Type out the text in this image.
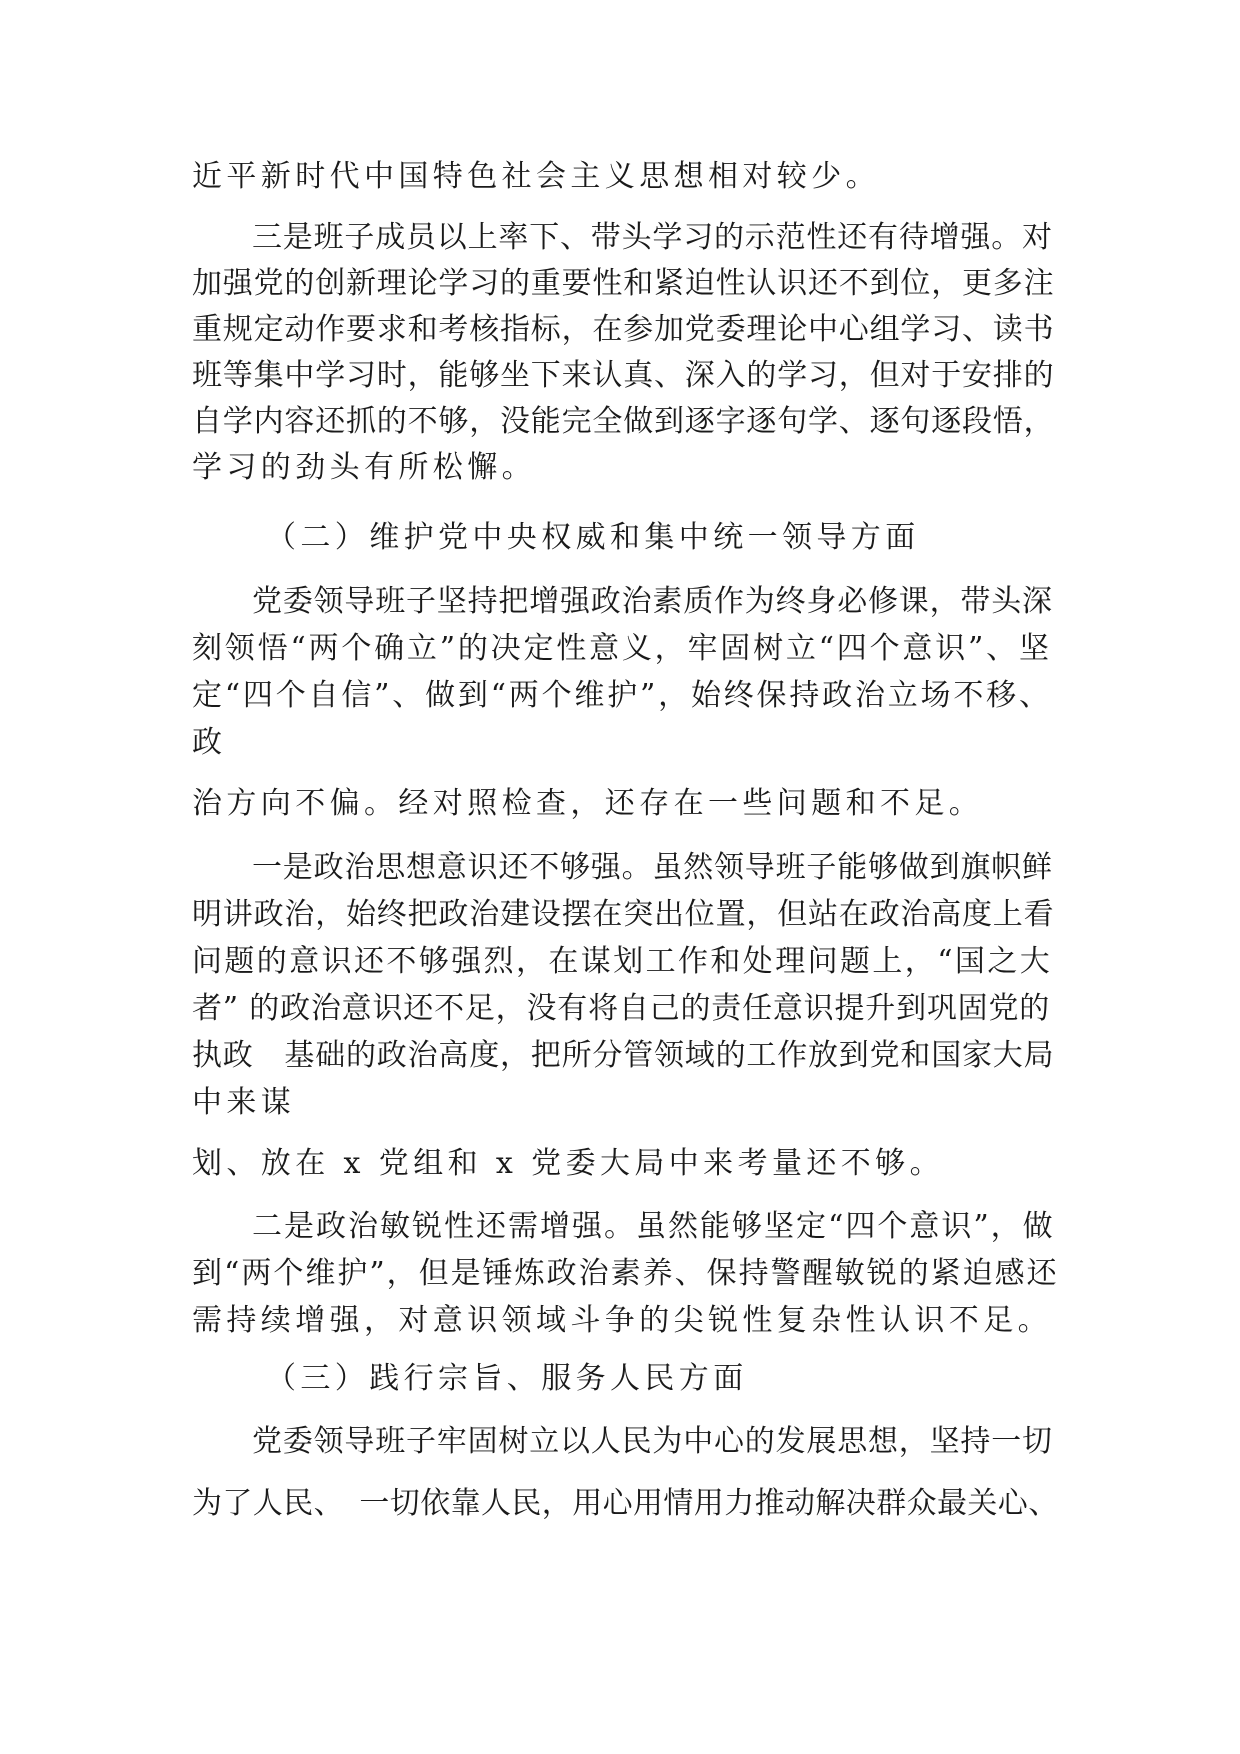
近平新时代中国特色社会主义思想相对较少。
三是班子成员以上率下、带头学习的示范性还有待增强。对
加强党的创新理论学习的重要性和紧迫性认识还不到位，更多注
重规定动作要求和考核指标，在参加党委理论中心组学习、读书
班等集中学习时，能够坐下来认真、深入的学习，但对于安排的
自学内容还抓的不够，没能完全做到逐字逐句学、逐句逐段悟，
学习的劲头有所松懈。
（二）维护党中央权威和集中统一领导方面
党委领导班子坚持把增强政治素质作为终身必修课，带头深
刻领悟“两个确立”的决定性意义，牢固树立“四个意识”、坚
定“四个自信”、做到“两个维护”，始终保持政治立场不移、
政
治方向不偏。经对照检查，还存在一些问题和不足。
一是政治思想意识还不够强。虽然领导班子能够做到旗帜鲜
明讲政治，始终把政治建设摆在突出位置，但站在政治高度上看
问题的意识还不够强烈，在谋划工作和处理问题上，“国之大
者” 的政治意识还不足，没有将自己的责任意识提升到巩固党的
执政　基础的政治高度，把所分管领域的工作放到党和国家大局
中来谋
划、放在 x 党组和 x 党委大局中来考量还不够。
二是政治敏锐性还需增强。虽然能够坚定“四个意识”，做
到“两个维护”，但是锤炼政治素养、保持警醒敏锐的紧迫感还
需持续增强，对意识领域斗争的尖锐性复杂性认识不足。
（三）践行宗旨、服务人民方面
党委领导班子牢固树立以人民为中心的发展思想，坚持一切
为了人民、　一切依靠人民，用心用情用力推动解决群众最关心、
